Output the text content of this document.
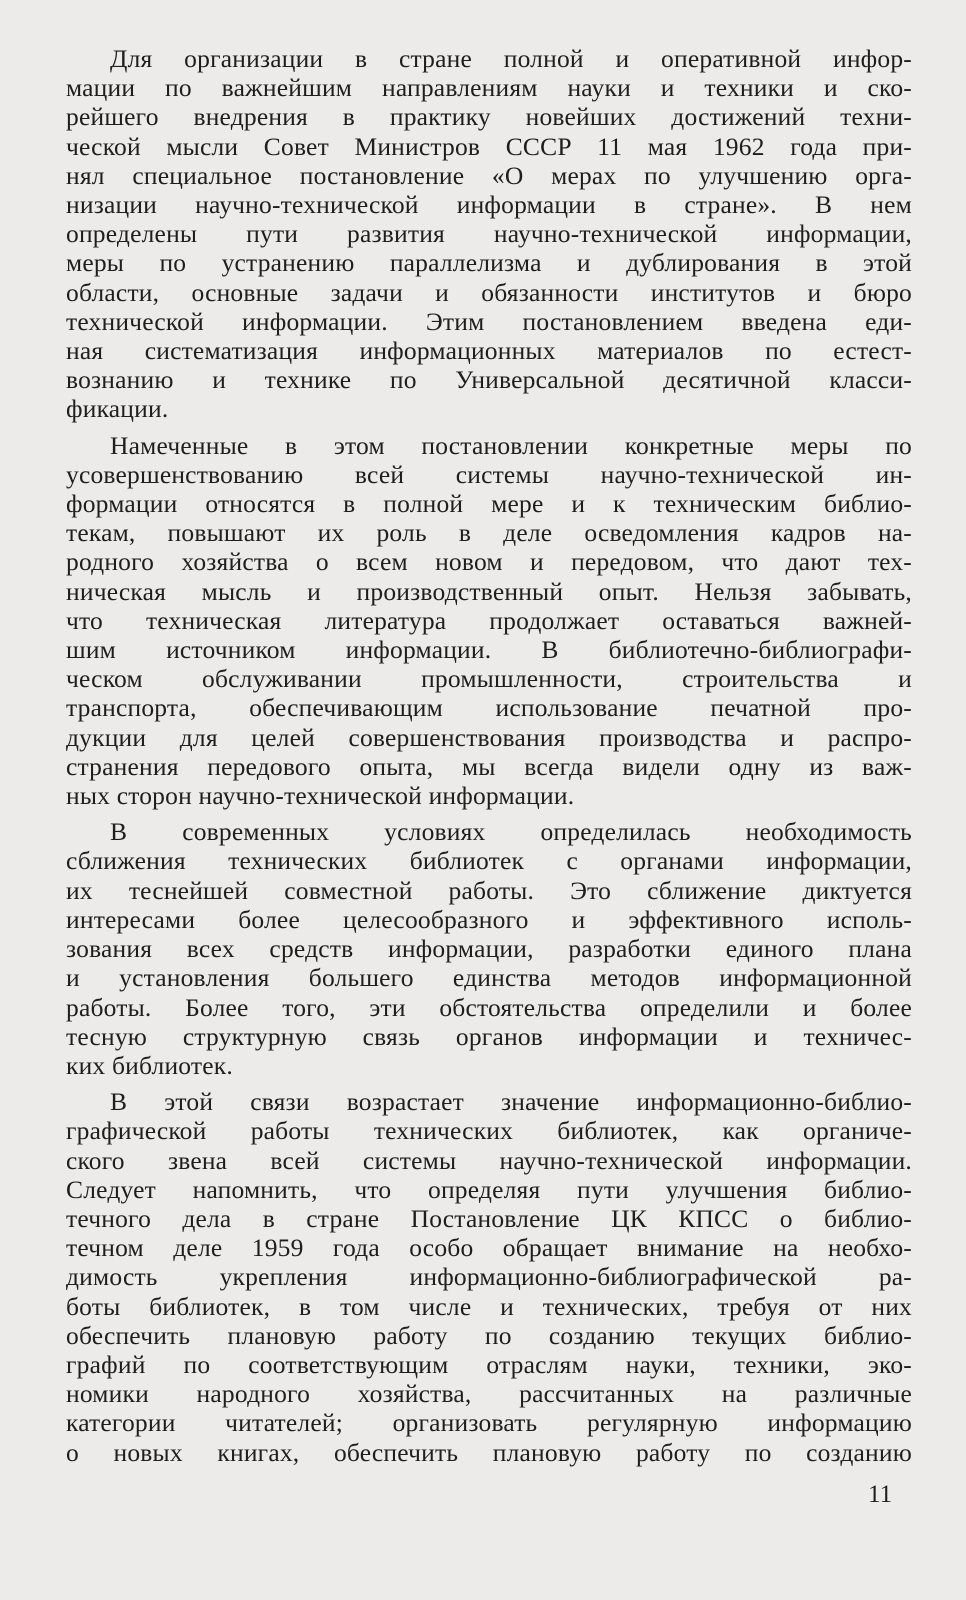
Для организации в стране полной и оперативной инфор-
мации по важнейшим направлениям науки и техники и ско-
рейшего внедрения в практику новейших достижений техни-
ческой мысли Совет Министров СССР 11 мая 1962 года при-
нял специальное постановление «О мерах по улучшению орга-
низации научно-технической информации в стране». В нем
определены пути развития научно-технической информации,
меры по устранению параллелизма и дублирования в этой
области, основные задачи и обязанности институтов и бюро
технической информации. Этим постановлением введена еди-
ная систематизация информационных материалов по естест-
вознанию и технике по Универсальной десятичной класси-
фикации.

Намеченные в этом постановлении конкретные меры по
усовершенствованию всей системы научно-технической ин-
формации относятся в полной мере и к техническим библио-
текам, повышают их роль в деле осведомления кадров на-
родного хозяйства о всем новом и передовом, что дают тех-
ническая мысль и производственный опыт. Нельзя забывать,
что техническая литература продолжает оставаться важней-
шим источником информации. В библиотечно-библиографи-
ческом обслуживании промышленности, строительства и
транспорта, обеспечивающим использование печатной про-
дукции для целей совершенствования производства и распро-
странения передового опыта, мы всегда видели одну из важ-
ных сторон научно-технической информации.

В современных условиях определилась необходимость
сближения технических библиотек с органами информации,
их теснейшей совместной работы. Это сближение диктуется
интересами более целесообразного и эффективного исполь-
зования всех средств информации, разработки единого плана
и установления большего единства методов информационной
работы. Более того, эти обстоятельства определили и более
тесную структурную связь органов информации и техничес-
ких библиотек.

В этой связи возрастает значение информационно-библио-
графической работы технических библиотек, как органиче-
ского звена всей системы научно-технической информации.
Следует напомнить, что определяя пути улучшения библио-
течного дела в стране Постановление ЦК КПСС о библио-
течном деле 1959 года особо обращает внимание на необхо-
димость укрепления информационно-библиографической ра-
боты библиотек, в том числе и технических, требуя от них
обеспечить плановую работу по созданию текущих библио-
графий по соответствующим отраслям науки, техники, эко-
номики народного хозяйства, рассчитанных на различные
категории читателей; организовать регулярную информацию
о новых книгах, обеспечить плановую работу по созданию

11
